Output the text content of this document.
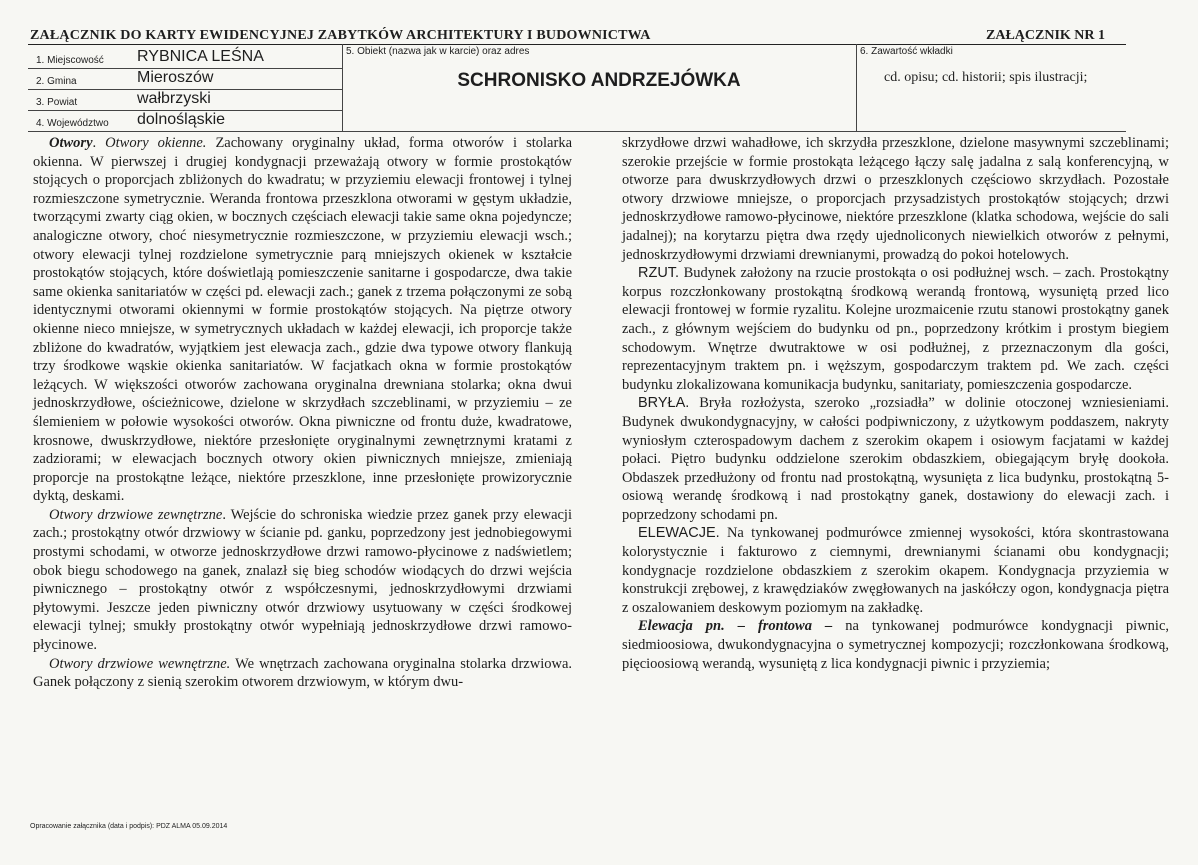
ZAŁĄCZNIK DO KARTY EWIDENCYJNEJ ZABYTKÓW ARCHITEKTURY I BUDOWNICTWA	ZAŁĄCZNIK NR 1
1. Miejscowość RYBNICA LEŚNA
2. Gmina	Mieroszów
3. Powiat	wałbrzyski
4. Województwo dolnośląskie
5. Obiekt (nazwa jak w karcie) oraz adres
SCHRONISKO ANDRZEJÓWKA
6. Zawartość wkładki
cd. opisu; cd. historii; spis ilustracji;

Otwory. Otwory okienne. Zachowany oryginalny układ, forma otworów i stolarka okienna. W pierwszej i drugiej kondygnacji przeważają otwory w formie prostokątów stojących o proporcjach zbliżonych do kwadratu; w przyziemiu elewacji frontowej i tylnej rozmieszczone symetrycznie. Weranda frontowa przeszklona otworami w gęstym układzie, tworzącymi zwarty ciąg okien, w bocznych częściach elewacji takie same okna pojedyncze; analogiczne otwory, choć niesymetrycznie rozmieszczone, w przyziemiu elewacji wsch.; otwory elewacji tylnej rozdzielone symetrycznie parą mniejszych okienek w kształcie prostokątów stojących, które doświetlają pomieszczenie sanitarne i gospodarcze, dwa takie same okienka sanitariatów w części pd. elewacji zach.; ganek z trzema połączonymi ze sobą identycznymi otworami okiennymi w formie prostokątów stojących. Na piętrze otwory okienne nieco mniejsze, w symetrycznych układach w każdej elewacji, ich proporcje także zbliżone do kwadratów, wyjątkiem jest elewacja zach., gdzie dwa typowe otwory flankują trzy środkowe wąskie okienka sanitariatów. W facjatkach okna w formie prostokątów leżących. W większości otworów zachowana oryginalna drewniana stolarka; okna dwui jednoskrzydłowe, ościeżnicowe, dzielone w skrzydłach szczeblinami, w przyziemiu – ze ślemieniem w połowie wysokości otworów. Okna piwniczne od frontu duże, kwadratowe, krosnowe, dwuskrzydłowe, niektóre przesłonięte oryginalnymi zewnętrznymi kratami z zadziorami; w elewacjach bocznych otwory okien piwnicznych mniejsze, zmieniają proporcje na prostokątne leżące, niektóre przeszklone, inne przesłonięte prowizorycznie dyktą, deskami.

Otwory drzwiowe zewnętrzne. Wejście do schroniska wiedzie przez ganek przy elewacji zach.; prostokątny otwór drzwiowy w ścianie pd. ganku, poprzedzony jest jednobiegowymi prostymi schodami, w otworze jednoskrzydłowe drzwi ramowo-płycinowe z nadświetlem; obok biegu schodowego na ganek, znalazł się bieg schodów wiodących do drzwi wejścia piwnicznego – prostokątny otwór z współczesnymi, jednoskrzydłowymi drzwiami płytowymi. Jeszcze jeden piwniczny otwór drzwiowy usytuowany w części środkowej elewacji tylnej; smukły prostokątny otwór wypełniają jednoskrzydłowe drzwi ramowo-płycinowe.

Otwory drzwiowe wewnętrzne. We wnętrzach zachowana oryginalna stolarka drzwiowa. Ganek połączony z sienią szerokim otworem drzwiowym, w którym dwu-

skrzydłowe drzwi wahadłowe, ich skrzydła przeszklone, dzielone masywnymi szczeblinami; szerokie przejście w formie prostokąta leżącego łączy salę jadalna z salą konferencyjną, w otworze para dwuskrzydłowych drzwi o przeszklonych częściowo skrzydłach. Pozostałe otwory drzwiowe mniejsze, o proporcjach przysadzistych prostokątów stojących; drzwi jednoskrzydłowe ramowo-płycinowe, niektóre przeszklone (klatka schodowa, wejście do sali jadalnej); na korytarzu piętra dwa rzędy ujednoliconych niewielkich otworów z pełnymi, jednoskrzydłowymi drzwiami drewnianymi, prowadzą do pokoi hotelowych.

RZUT. Budynek założony na rzucie prostokąta o osi podłużnej wsch. – zach. Prostokątny korpus rozczłonkowany prostokątną środkową werandą frontową, wysuniętą przed lico elewacji frontowej w formie ryzalitu. Kolejne urozmaicenie rzutu stanowi prostokątny ganek zach., z głównym wejściem do budynku od pn., poprzedzony krótkim i prostym biegiem schodowym. Wnętrze dwutraktowe w osi podłużnej, z przeznaczonym dla gości, reprezentacyjnym traktem pn. i węższym, gospodarczym traktem pd. We zach. części budynku zlokalizowana komunikacja budynku, sanitariaty, pomieszczenia gospodarcze.

BRYŁA. Bryła rozłożysta, szeroko „rozsiadła” w dolinie otoczonej wzniesieniami. Budynek dwukondygnacyjny, w całości podpiwniczony, z użytkowym poddaszem, nakryty wyniosłym czterospadowym dachem z szerokim okapem i osiowym facjatami w każdej połaci. Piętro budynku oddzielone szerokim obdaszkiem, obiegającym bryłę dookoła. Obdaszek przedłużony od frontu nad prostokątną, wysunięta z lica budynku, prostokątną 5-osiową werandę środkową i nad prostokątny ganek, dostawiony do elewacji zach. i poprzedzony schodami pn.

ELEWACJE. Na tynkowanej podmurówce zmiennej wysokości, która skontrastowana kolorystycznie i fakturowo z ciemnymi, drewnianymi ścianami obu kondygnacji; kondygnacje rozdzielone obdaszkiem z szerokim okapem. Kondygnacja przyziemia w konstrukcji zrębowej, z krawędziaków zwęgłowanych na jaskółczy ogon, kondygnacja piętra z oszalowaniem deskowym poziomym na zakładkę.

Elewacja pn. – frontowa – na tynkowanej podmurówce kondygnacji piwnic, siedmioosiowa, dwukondygnacyjna o symetrycznej kompozycji; rozczłonkowana środkową, pięcioosiową werandą, wysuniętą z lica kondygnacji piwnic i przyziemia;

Opracowanie załącznika (data i podpis): PDZ ALMA 05.09.2014
